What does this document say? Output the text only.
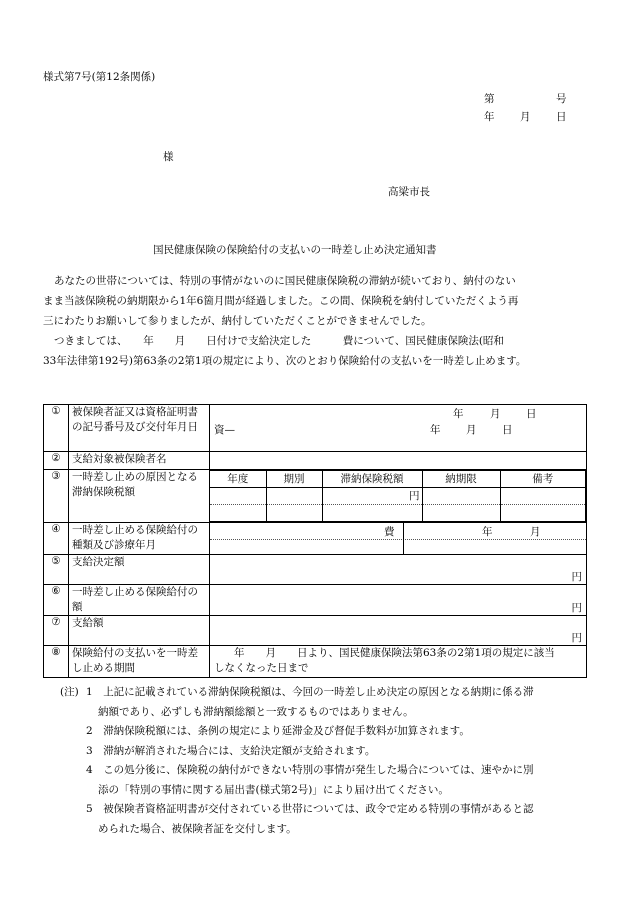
様式第7号(第12条関係)
第	号
年 月 日
様
高梁市長
国民健康保険の保険給付の支払いの一時差し止め決定通知書
あなたの世帯については、特別の事情がないのに国民健康保険税の滞納が続いており、納付のない
まま当該保険税の納期限から1年6箇月間が経過しました。この間、保険税を納付していただくよう再
三にわたりお願いして参りましたが、納付していただくことができませんでした。
つきましては、　　年　　月　　日付けで支給決定した　　　費について、国民健康保険法(昭和
33年法律第192号)第63条の2第1項の規定により、次のとおり保険給付の支払いを一時差し止めます。
①	被保険者証又は資格証明書の記号番号及び交付年月日	
年	月 日
資—	年 月 日

②	支給対象被保険者名	
③	一時差し止めの原因となる滞納保険税額	
年度	期別	滞納保険税額	納期限	備考
		円		

④	一時差し止める保険給付の種類及び診療年月	
費	年	月

⑤	支給決定額	
円

⑥	一時差し止める保険給付の額	円

⑦	支給額	
円

⑧	保険給付の支払いを一時差し止める期間	
年　　月　　日より、国民健康保険法第63条の2第1項の規定に該当
しなくなった日まで
(注) 1　 上記に記載されている滞納保険税額は、今回の一時差し止め決定の原因となる納期に係る滞
納額であり、必ずしも滞納額総額と一致するものではありません。
2　 滞納保険税額には、条例の規定により延滞金及び督促手数料が加算されます。
3　 滞納が解消された場合には、支給決定額が支給されます。
4　 この処分後に、保険税の納付ができない特別の事情が発生した場合については、速やかに別
添の「特別の事情に関する届出書(様式第2号)」により届け出てください。
5　 被保険者資格証明書が交付されている世帯については、政令で定める特別の事情があると認
められた場合、被保険者証を交付します。
